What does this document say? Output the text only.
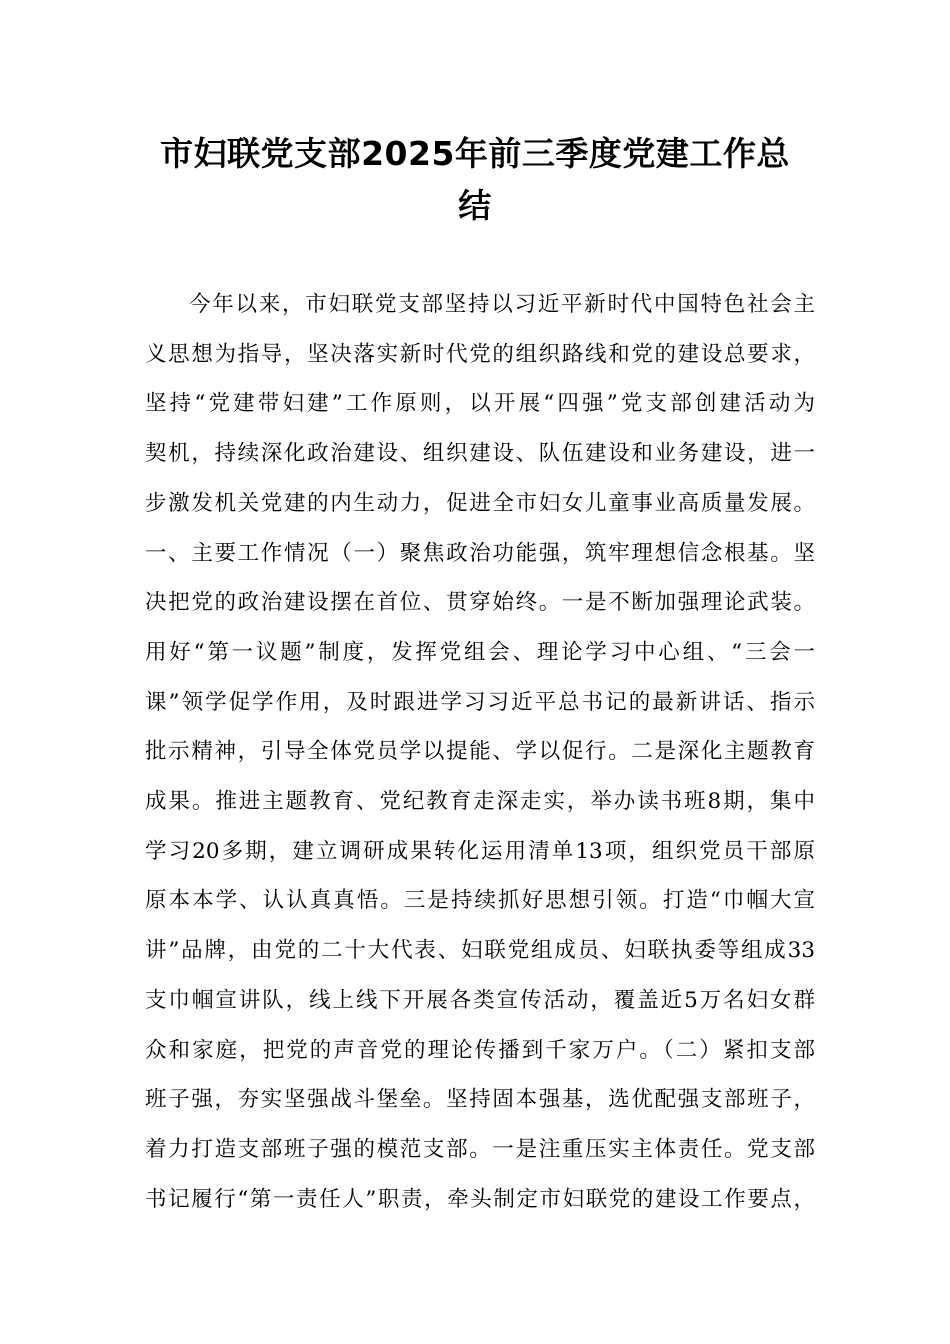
市妇联党支部2025年前三季度党建工作总
结
今年以来，市妇联党支部坚持以习近平新时代中国特色社会主
义思想为指导，坚决落实新时代党的组织路线和党的建设总要求，
坚持“党建带妇建”工作原则，以开展“四强”党支部创建活动为
契机，持续深化政治建设、组织建设、队伍建设和业务建设，进一
步激发机关党建的内生动力，促进全市妇女儿童事业高质量发展。
一、主要工作情况（一）聚焦政治功能强，筑牢理想信念根基。坚
决把党的政治建设摆在首位、贯穿始终。一是不断加强理论武装。
用好“第一议题”制度，发挥党组会、理论学习中心组、“三会一
课”领学促学作用，及时跟进学习习近平总书记的最新讲话、指示
批示精神，引导全体党员学以提能、学以促行。二是深化主题教育
成果。推进主题教育、党纪教育走深走实，举办读书班8期，集中
学习20多期，建立调研成果转化运用清单13项，组织党员干部原
原本本学、认认真真悟。三是持续抓好思想引领。打造“巾帼大宣
讲”品牌，由党的二十大代表、妇联党组成员、妇联执委等组成33
支巾帼宣讲队，线上线下开展各类宣传活动，覆盖近5万名妇女群
众和家庭，把党的声音党的理论传播到千家万户。（二）紧扣支部
班子强，夯实坚强战斗堡垒。坚持固本强基，选优配强支部班子，
着力打造支部班子强的模范支部。一是注重压实主体责任。党支部
书记履行“第一责任人”职责，牵头制定市妇联党的建设工作要点，
